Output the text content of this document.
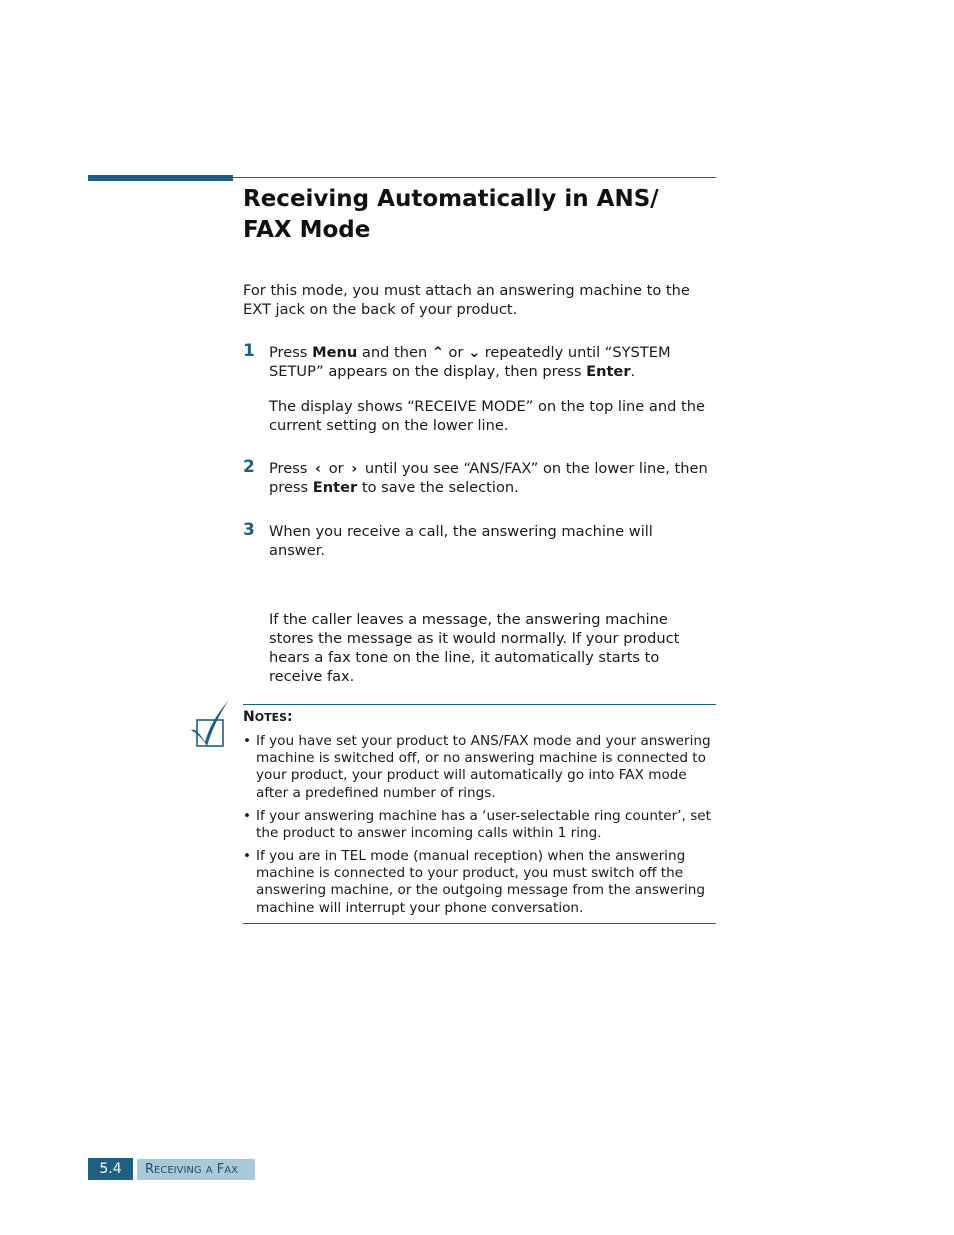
Receiving Automatically in ANS/ FAX Mode

For this mode, you must attach an answering machine to the EXT jack on the back of your product.

1 Press Menu and then ⌃ or ⌄ repeatedly until “SYSTEM SETUP” appears on the display, then press Enter.

The display shows “RECEIVE MODE” on the top line and the current setting on the lower line.

2 Press ‹ or › until you see “ANS/FAX” on the lower line, then press Enter to save the selection.

3 When you receive a call, the answering machine will answer.

If the caller leaves a message, the answering machine stores the message as it would normally. If your product hears a fax tone on the line, it automatically starts to receive fax.

NOTES:
• If you have set your product to ANS/FAX mode and your answering machine is switched off, or no answering machine is connected to your product, your product will automatically go into FAX mode after a predefined number of rings.
• If your answering machine has a ‘user-selectable ring counter’, set the product to answer incoming calls within 1 ring.
• If you are in TEL mode (manual reception) when the answering machine is connected to your product, you must switch off the answering machine, or the outgoing message from the answering machine will interrupt your phone conversation.
5.4	RECEIVING A FAX
